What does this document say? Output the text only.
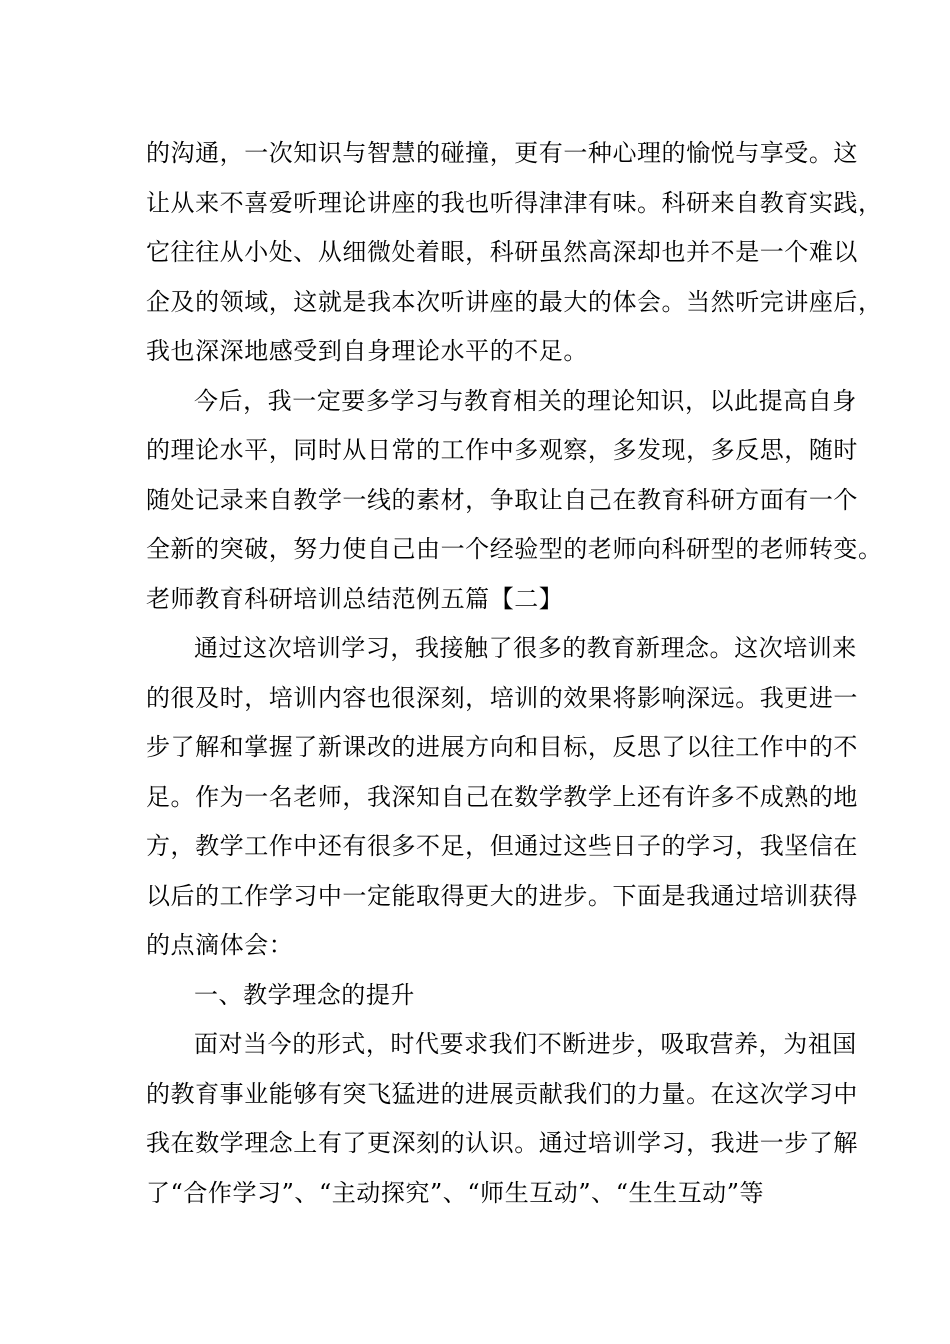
的沟通，一次知识与智慧的碰撞，更有一种心理的愉悦与享受。这
让从来不喜爱听理论讲座的我也听得津津有味。科研来自教育实践，
它往往从小处、从细微处着眼，科研虽然高深却也并不是一个难以
企及的领域，这就是我本次听讲座的最大的体会。当然听完讲座后，
我也深深地感受到自身理论水平的不足。
今后，我一定要多学习与教育相关的理论知识，以此提高自身
的理论水平，同时从日常的工作中多观察，多发现，多反思，随时
随处记录来自教学一线的素材，争取让自己在教育科研方面有一个
全新的突破，努力使自己由一个经验型的老师向科研型的老师转变。
老师教育科研培训总结范例五篇【二】
通过这次培训学习，我接触了很多的教育新理念。这次培训来
的很及时，培训内容也很深刻，培训的效果将影响深远。我更进一
步了解和掌握了新课改的进展方向和目标，反思了以往工作中的不
足。作为一名老师，我深知自己在数学教学上还有许多不成熟的地
方，教学工作中还有很多不足，但通过这些日子的学习，我坚信在
以后的工作学习中一定能取得更大的进步。下面是我通过培训获得
的点滴体会：
一、教学理念的提升
面对当今的形式，时代要求我们不断进步，吸取营养，为祖国
的教育事业能够有突飞猛进的进展贡献我们的力量。在这次学习中
我在数学理念上有了更深刻的认识。通过培训学习，我进一步了解
了“合作学习”、“主动探究”、“师生互动”、“生生互动”等
